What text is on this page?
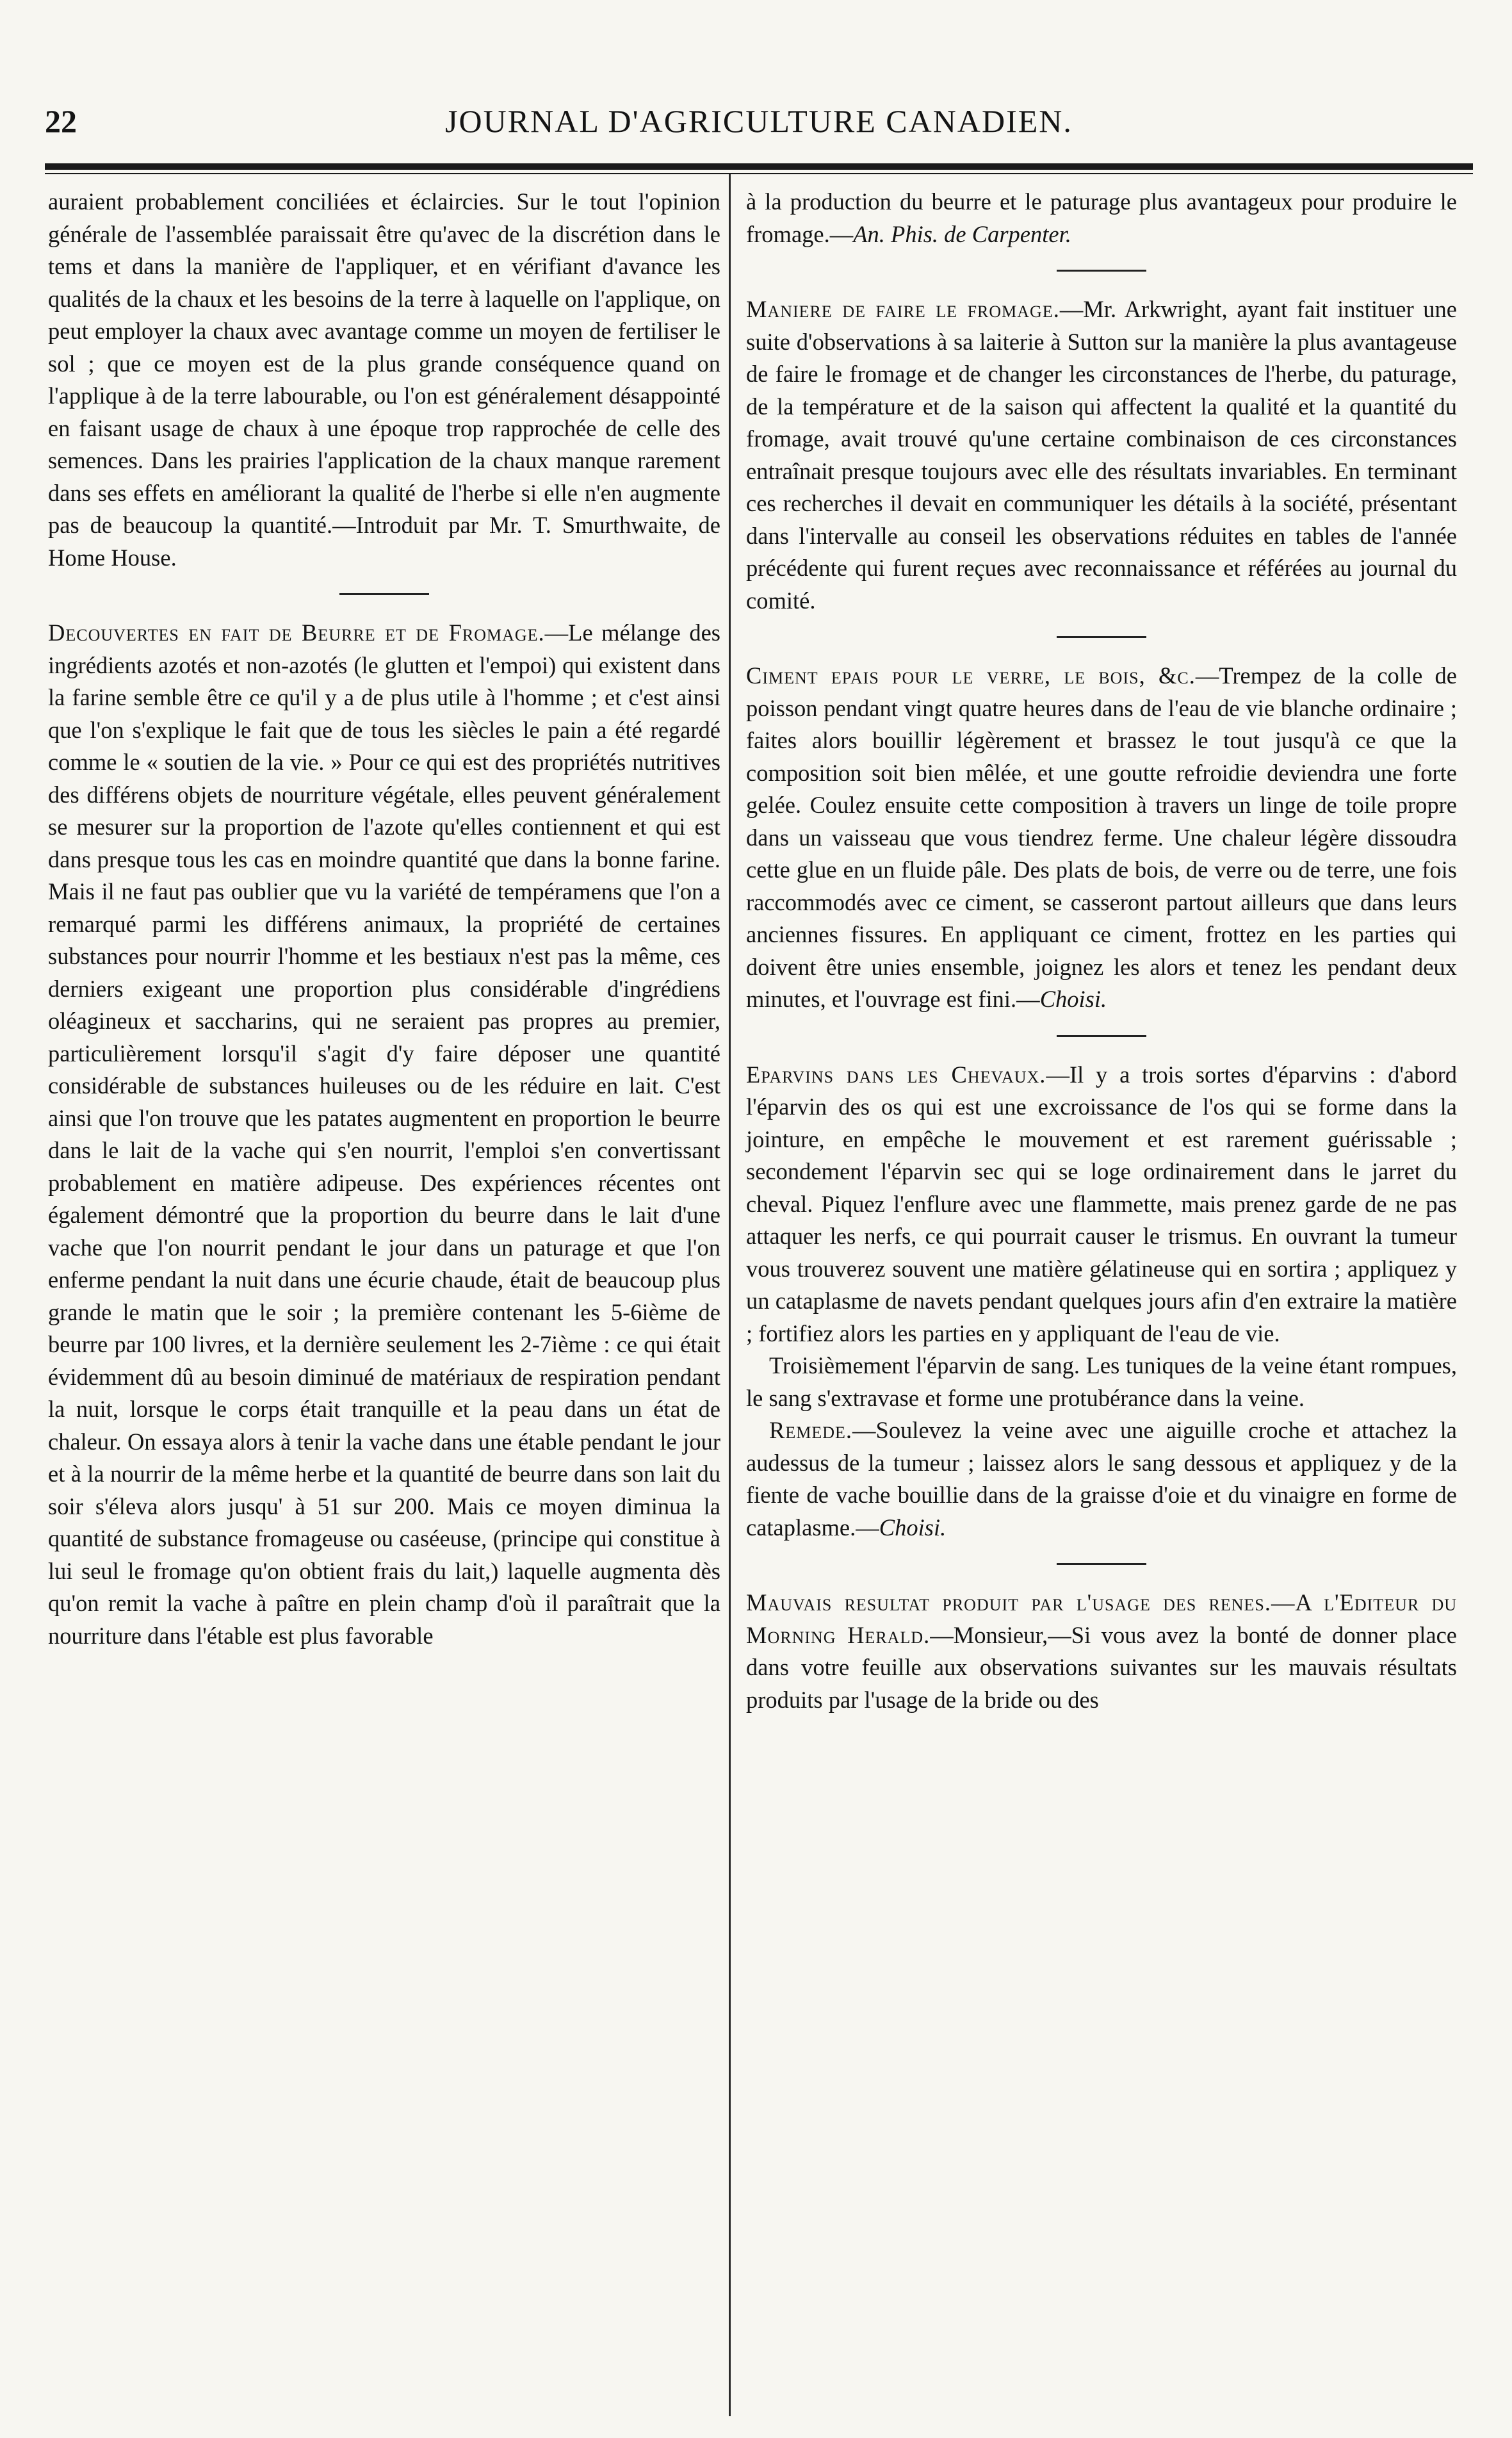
22	JOURNAL D'AGRICULTURE CANADIEN.

auraient probablement conciliées et éclaircies. Sur le tout l'opinion générale de l'assemblée paraissait être qu'avec de la discrétion dans le tems et dans la manière de l'appliquer, et en vérifiant d'avance les qualités de la chaux et les besoins de la terre à laquelle on l'applique, on peut employer la chaux avec avantage comme un moyen de fertiliser le sol ; que ce moyen est de la plus grande conséquence quand on l'applique à de la terre labourable, ou l'on est généralement désappointé en faisant usage de chaux à une époque trop rapprochée de celle des semences. Dans les prairies l'application de la chaux manque rarement dans ses effets en améliorant la qualité de l'herbe si elle n'en augmente pas de beaucoup la quantité.—Introduit par Mr. T. Smurthwaite, de Home House.

Decouvertes en fait de Beurre et de Fromage.—Le mélange des ingrédients azotés et non-azotés (le glutten et l'empoi) qui existent dans la farine semble être ce qu'il y a de plus utile à l'homme ; et c'est ainsi que l'on s'explique le fait que de tous les siècles le pain a été regardé comme le « soutien de la vie. » Pour ce qui est des propriétés nutritives des différens objets de nourriture végétale, elles peuvent généralement se mesurer sur la proportion de l'azote qu'elles contiennent et qui est dans presque tous les cas en moindre quantité que dans la bonne farine. Mais il ne faut pas oublier que vu la variété de tempéramens que l'on a remarqué parmi les différens animaux, la propriété de certaines substances pour nourrir l'homme et les bestiaux n'est pas la même, ces derniers exigeant une proportion plus considérable d'ingrédiens oléagineux et saccharins, qui ne seraient pas propres au premier, particulièrement lorsqu'il s'agit d'y faire déposer une quantité considérable de substances huileuses ou de les réduire en lait. C'est ainsi que l'on trouve que les patates augmentent en proportion le beurre dans le lait de la vache qui s'en nourrit, l'emploi s'en convertissant probablement en matière adipeuse. Des expériences récentes ont également démontré que la proportion du beurre dans le lait d'une vache que l'on nourrit pendant le jour dans un paturage et que l'on enferme pendant la nuit dans une écurie chaude, était de beaucoup plus grande le matin que le soir ; la première contenant les 5-6ième de beurre par 100 livres, et la dernière seulement les 2-7ième : ce qui était évidemment dû au besoin diminué de matériaux de respiration pendant la nuit, lorsque le corps était tranquille et la peau dans un état de chaleur. On essaya alors à tenir la vache dans une étable pendant le jour et à la nourrir de la même herbe et la quantité de beurre dans son lait du soir s'éleva alors jusqu' à 51 sur 200. Mais ce moyen diminua la quantité de substance fromageuse ou caséeuse, (principe qui constitue à lui seul le fromage qu'on obtient frais du lait,) laquelle augmenta dès qu'on remit la vache à paître en plein champ d'où il paraîtrait que la nourriture dans l'étable est plus favorable

à la production du beurre et le paturage plus avantageux pour produire le fromage.—An. Phis. de Carpenter.

Maniere de faire le fromage.—Mr. Arkwright, ayant fait instituer une suite d'observations à sa laiterie à Sutton sur la manière la plus avantageuse de faire le fromage et de changer les circonstances de l'herbe, du paturage, de la température et de la saison qui affectent la qualité et la quantité du fromage, avait trouvé qu'une certaine combinaison de ces circonstances entraînait presque toujours avec elle des résultats invariables. En terminant ces recherches il devait en communiquer les détails à la société, présentant dans l'intervalle au conseil les observations réduites en tables de l'année précédente qui furent reçues avec reconnaissance et référées au journal du comité.

Ciment epais pour le verre, le bois, &c.—Trempez de la colle de poisson pendant vingt quatre heures dans de l'eau de vie blanche ordinaire ; faites alors bouillir légèrement et brassez le tout jusqu'à ce que la composition soit bien mêlée, et une goutte refroidie deviendra une forte gelée. Coulez ensuite cette composition à travers un linge de toile propre dans un vaisseau que vous tiendrez ferme. Une chaleur légère dissoudra cette glue en un fluide pâle. Des plats de bois, de verre ou de terre, une fois raccommodés avec ce ciment, se casseront partout ailleurs que dans leurs anciennes fissures. En appliquant ce ciment, frottez en les parties qui doivent être unies ensemble, joignez les alors et tenez les pendant deux minutes, et l'ouvrage est fini.—Choisi.

Eparvins dans les Chevaux.—Il y a trois sortes d'éparvins : d'abord l'éparvin des os qui est une excroissance de l'os qui se forme dans la jointure, en empêche le mouvement et est rarement guérissable ; secondement l'éparvin sec qui se loge ordinairement dans le jarret du cheval. Piquez l'enflure avec une flammette, mais prenez garde de ne pas attaquer les nerfs, ce qui pourrait causer le trismus. En ouvrant la tumeur vous trouverez souvent une matière gélatineuse qui en sortira ; appliquez y un cataplasme de navets pendant quelques jours afin d'en extraire la matière ; fortifiez alors les parties en y appliquant de l'eau de vie.

Troisièmement l'éparvin de sang. Les tuniques de la veine étant rompues, le sang s'extravase et forme une protubérance dans la veine.

Remede.—Soulevez la veine avec une aiguille croche et attachez la audessus de la tumeur ; laissez alors le sang dessous et appliquez y de la fiente de vache bouillie dans de la graisse d'oie et du vinaigre en forme de cataplasme.—Choisi.

Mauvais resultat produit par l'usage des renes.—A l'Editeur du Morning Herald.—Monsieur,—Si vous avez la bonté de donner place dans votre feuille aux observations suivantes sur les mauvais résultats produits par l'usage de la bride ou des
